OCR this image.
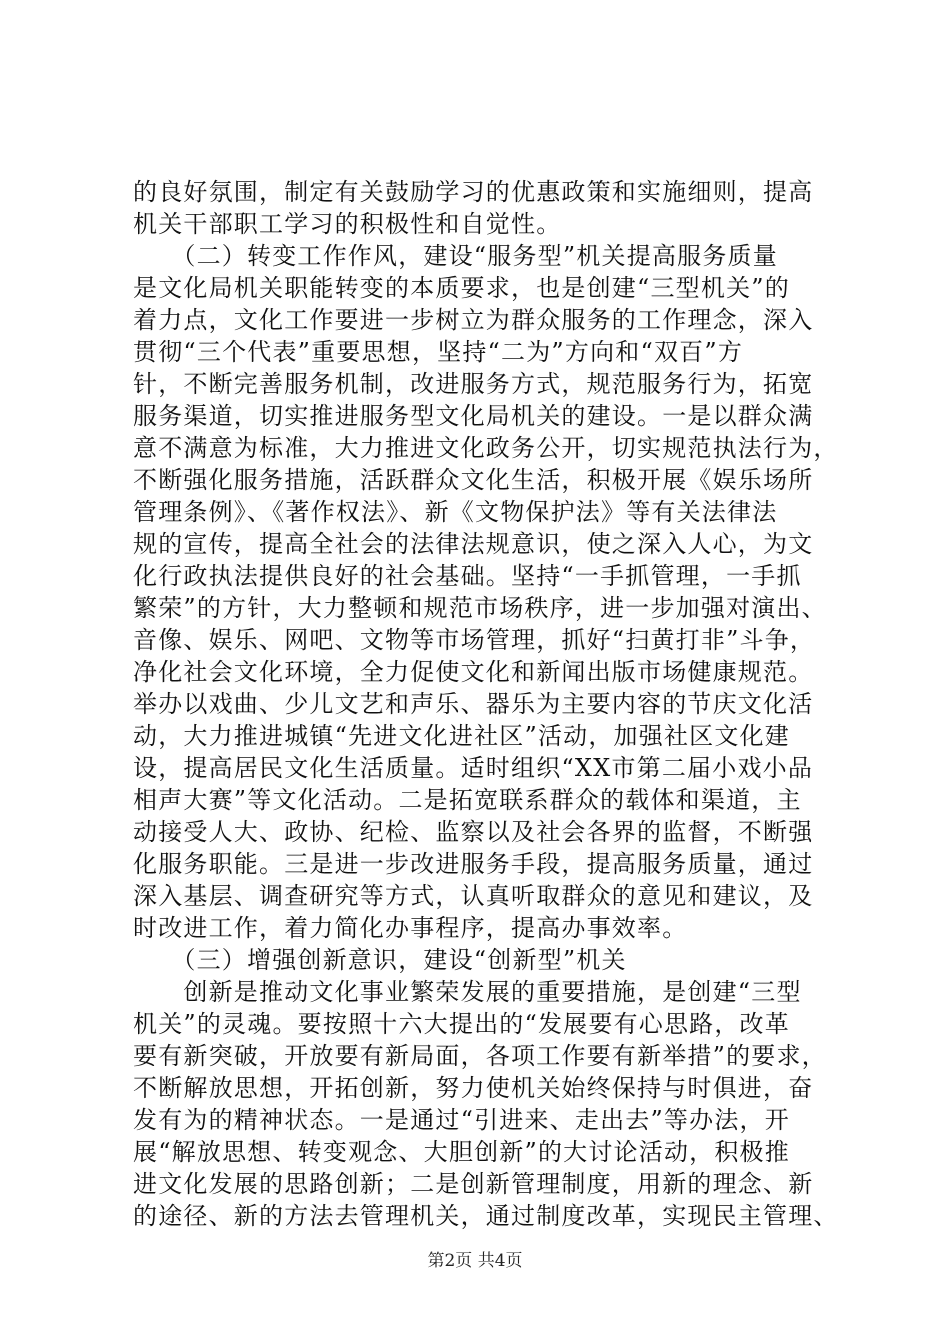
的良好氛围，制定有关鼓励学习的优惠政策和实施细则，提高
机关干部职工学习的积极性和自觉性。
　　（二）转变工作作风，建设“服务型”机关提高服务质量
是文化局机关职能转变的本质要求，也是创建“三型机关”的
着力点，文化工作要进一步树立为群众服务的工作理念，深入
贯彻“三个代表”重要思想，坚持“二为”方向和“双百”方
针，不断完善服务机制，改进服务方式，规范服务行为，拓宽
服务渠道，切实推进服务型文化局机关的建设。一是以群众满
意不满意为标准，大力推进文化政务公开，切实规范执法行为，
不断强化服务措施，活跃群众文化生活，积极开展《娱乐场所
管理条例》、《著作权法》、新《文物保护法》等有关法律法
规的宣传，提高全社会的法律法规意识，使之深入人心，为文
化行政执法提供良好的社会基础。坚持“一手抓管理，一手抓
繁荣”的方针，大力整顿和规范市场秩序，进一步加强对演出、
音像、娱乐、网吧、文物等市场管理，抓好“扫黄打非”斗争，
净化社会文化环境，全力促使文化和新闻出版市场健康规范。
举办以戏曲、少儿文艺和声乐、器乐为主要内容的节庆文化活
动，大力推进城镇“先进文化进社区”活动，加强社区文化建
设，提高居民文化生活质量。适时组织“XX市第二届小戏小品
相声大赛”等文化活动。二是拓宽联系群众的载体和渠道，主
动接受人大、政协、纪检、监察以及社会各界的监督，不断强
化服务职能。三是进一步改进服务手段，提高服务质量，通过
深入基层、调查研究等方式，认真听取群众的意见和建议，及
时改进工作，着力简化办事程序，提高办事效率。
　　（三）增强创新意识，建设“创新型”机关
　　创新是推动文化事业繁荣发展的重要措施，是创建“三型
机关”的灵魂。要按照十六大提出的“发展要有心思路，改革
要有新突破，开放要有新局面，各项工作要有新举措”的要求，
不断解放思想，开拓创新，努力使机关始终保持与时俱进，奋
发有为的精神状态。一是通过“引进来、走出去”等办法，开
展“解放思想、转变观念、大胆创新”的大讨论活动，积极推
进文化发展的思路创新；二是创新管理制度，用新的理念、新
的途径、新的方法去管理机关，通过制度改革，实现民主管理、
第2页 共4页
